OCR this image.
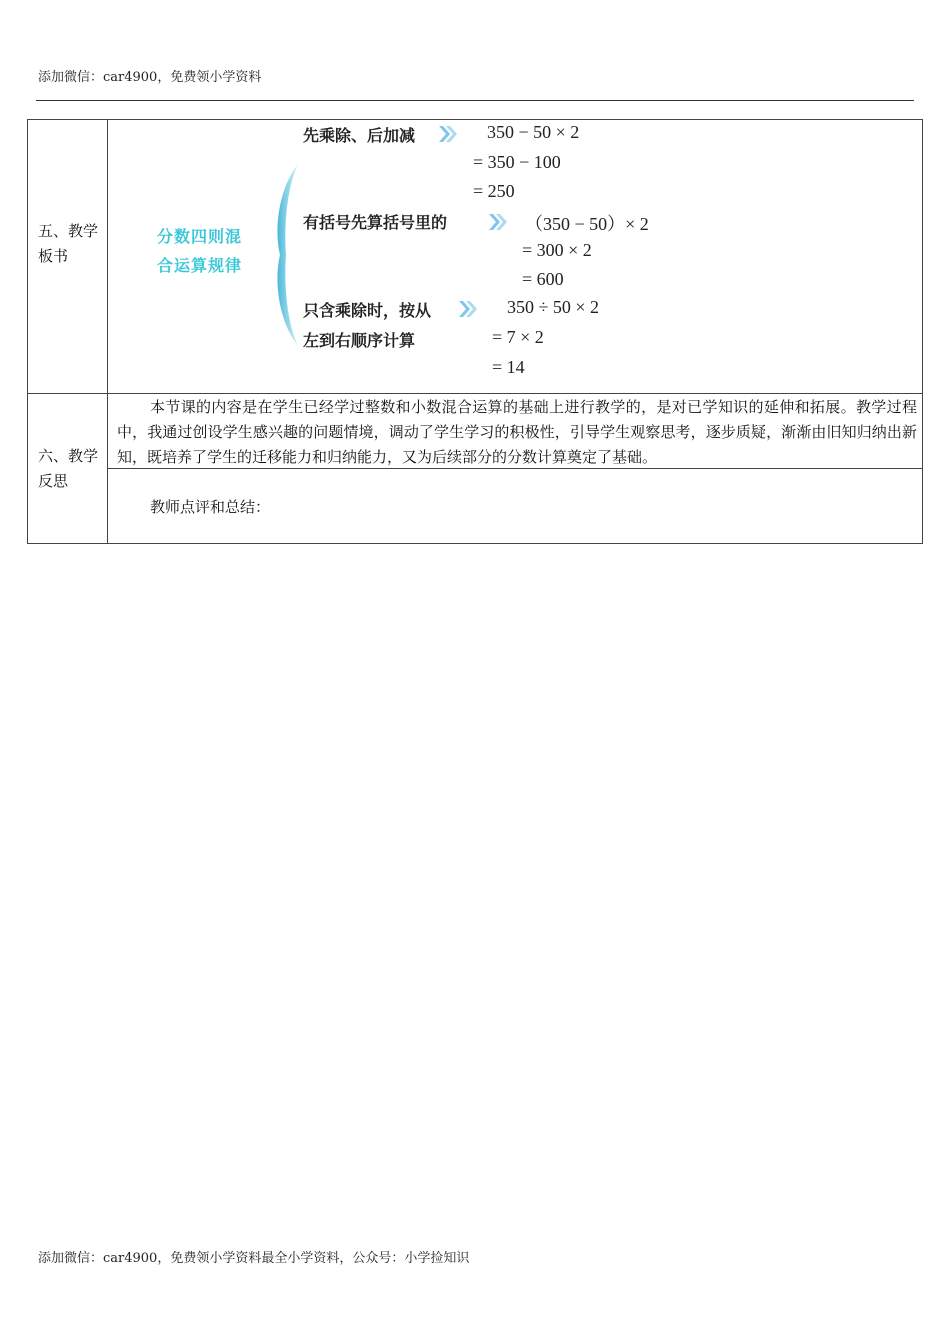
添加微信：car4900，免费领小学资料
五、教学板书
分数四则混
合运算规律
先乘除、后加减	350 − 50 × 2
= 350 − 100
= 250
有括号先算括号里的	（350 − 50）× 2
= 300 × 2
= 600
只含乘除时，按从
左到右顺序计算
350 ÷ 50 × 2
= 7 × 2
= 14
六、教学反思
本节课的内容是在学生已经学过整数和小数混合运算的基础上进行教学的，是对已学知识的延伸和拓展。教学过程中，我通过创设学生感兴趣的问题情境，调动了学生学习的积极性，引导学生观察思考，逐步质疑，渐渐由旧知归纳出新知，既培养了学生的迁移能力和归纳能力，又为后续部分的分数计算奠定了基础。
教师点评和总结：
添加微信：car4900，免费领小学资料最全小学资料，公众号：小学捡知识
